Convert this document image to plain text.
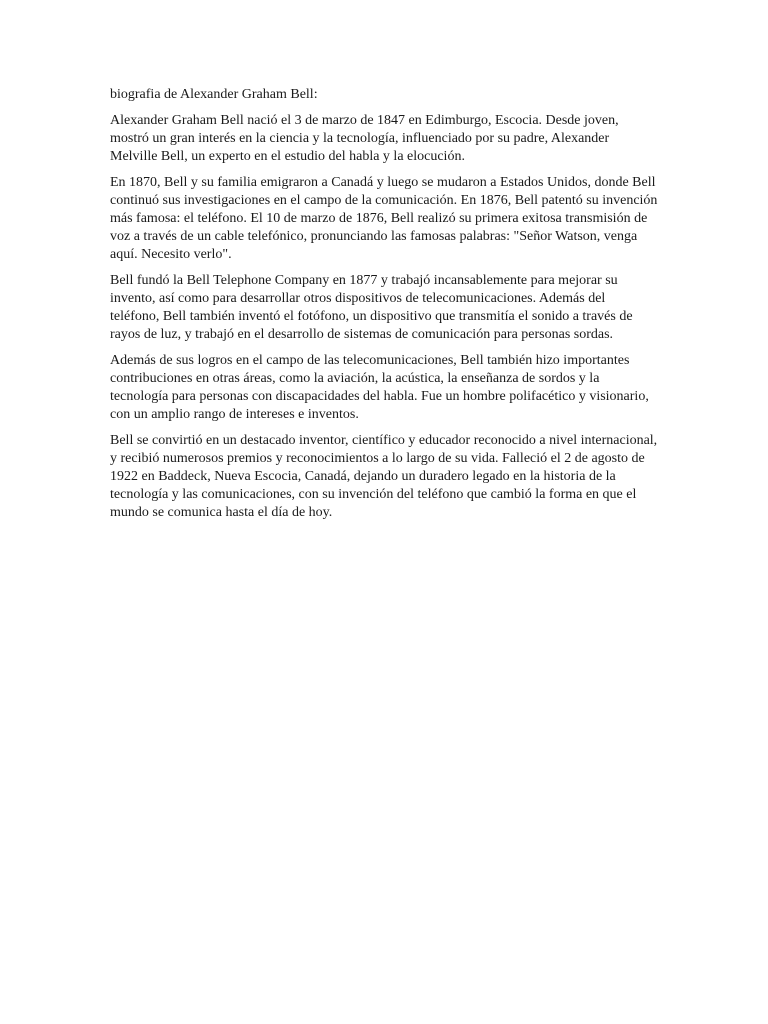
biografia de Alexander Graham Bell:

Alexander Graham Bell nació el 3 de marzo de 1847 en Edimburgo, Escocia. Desde joven, mostró un gran interés en la ciencia y la tecnología, influenciado por su padre, Alexander Melville Bell, un experto en el estudio del habla y la elocución.

En 1870, Bell y su familia emigraron a Canadá y luego se mudaron a Estados Unidos, donde Bell continuó sus investigaciones en el campo de la comunicación. En 1876, Bell patentó su invención más famosa: el teléfono. El 10 de marzo de 1876, Bell realizó su primera exitosa transmisión de voz a través de un cable telefónico, pronunciando las famosas palabras: "Señor Watson, venga aquí. Necesito verlo".

Bell fundó la Bell Telephone Company en 1877 y trabajó incansablemente para mejorar su invento, así como para desarrollar otros dispositivos de telecomunicaciones. Además del teléfono, Bell también inventó el fotófono, un dispositivo que transmitía el sonido a través de rayos de luz, y trabajó en el desarrollo de sistemas de comunicación para personas sordas.

Además de sus logros en el campo de las telecomunicaciones, Bell también hizo importantes contribuciones en otras áreas, como la aviación, la acústica, la enseñanza de sordos y la tecnología para personas con discapacidades del habla. Fue un hombre polifacético y visionario, con un amplio rango de intereses e inventos.

Bell se convirtió en un destacado inventor, científico y educador reconocido a nivel internacional, y recibió numerosos premios y reconocimientos a lo largo de su vida. Falleció el 2 de agosto de 1922 en Baddeck, Nueva Escocia, Canadá, dejando un duradero legado en la historia de la tecnología y las comunicaciones, con su invención del teléfono que cambió la forma en que el mundo se comunica hasta el día de hoy.
